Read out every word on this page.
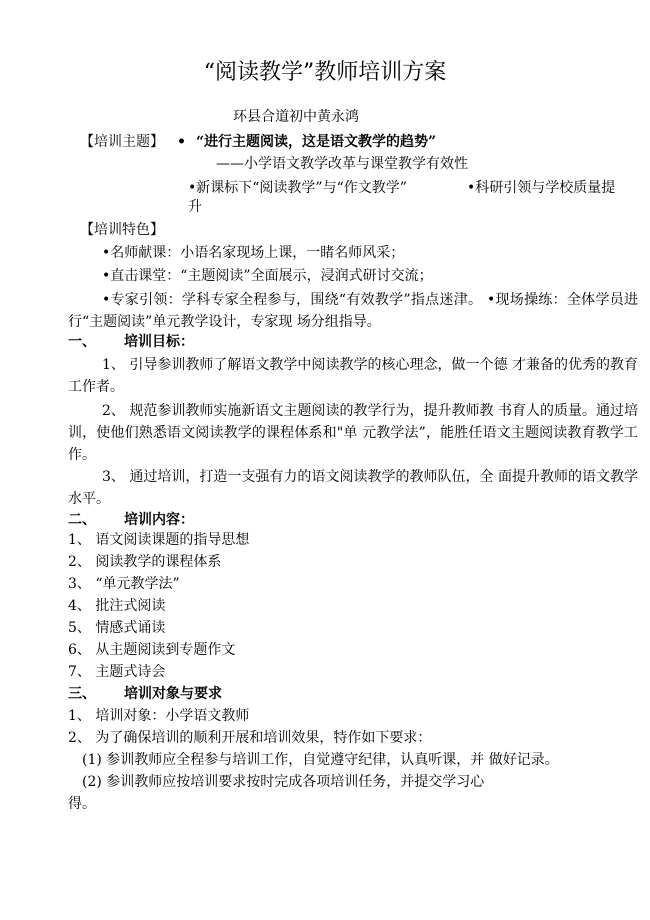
“阅读教学”教师培训方案
环县合道初中黄永鸿
【培训主题】 • “进行主题阅读，这是语文教学的趋势”
——小学语文教学改革与课堂教学有效性
•新课标下“阅读教学”与“作文教学”	•科研引领与学校质量提
升
【培训特色】
•名师献课：小语名家现场上课，一睹名师风采；
•直击课堂：“主题阅读”全面展示，浸润式研讨交流；
•专家引领：学科专家全程参与，围绕“有效教学”指点迷津。 •现场操练：全体学员进行“主题阅读”单元教学设计，专家现 场分组指导。
一、 培训目标：
1、 引导参训教师了解语文教学中阅读教学的核心理念，做一个德 才兼备的优秀的教育工作者。
2、 规范参训教师实施新语文主题阅读的教学行为，提升教师教 书育人的质量。通过培训，使他们熟悉语文阅读教学的课程体系和"单 元教学法”，能胜任语文主题阅读教育教学工作。
3、 通过培训，打造一支强有力的语文阅读教学的教师队伍，全 面提升教师的语文教学水平。
二、 培训内容：
1、 语文阅读课题的指导思想
2、 阅读教学的课程体系
3、 “单元教学法”
4、 批注式阅读
5、 情感式诵读
6、 从主题阅读到专题作文
7、 主题式诗会
三、 培训对象与要求
1、 培训对象：小学语文教师
2、 为了确保培训的顺利开展和培训效果，特作如下要求：
(1) 参训教师应全程参与培训工作，自觉遵守纪律，认真听课，并 做好记录。
(2) 参训教师应按培训要求按时完成各项培训任务，并提交学习心
得。
